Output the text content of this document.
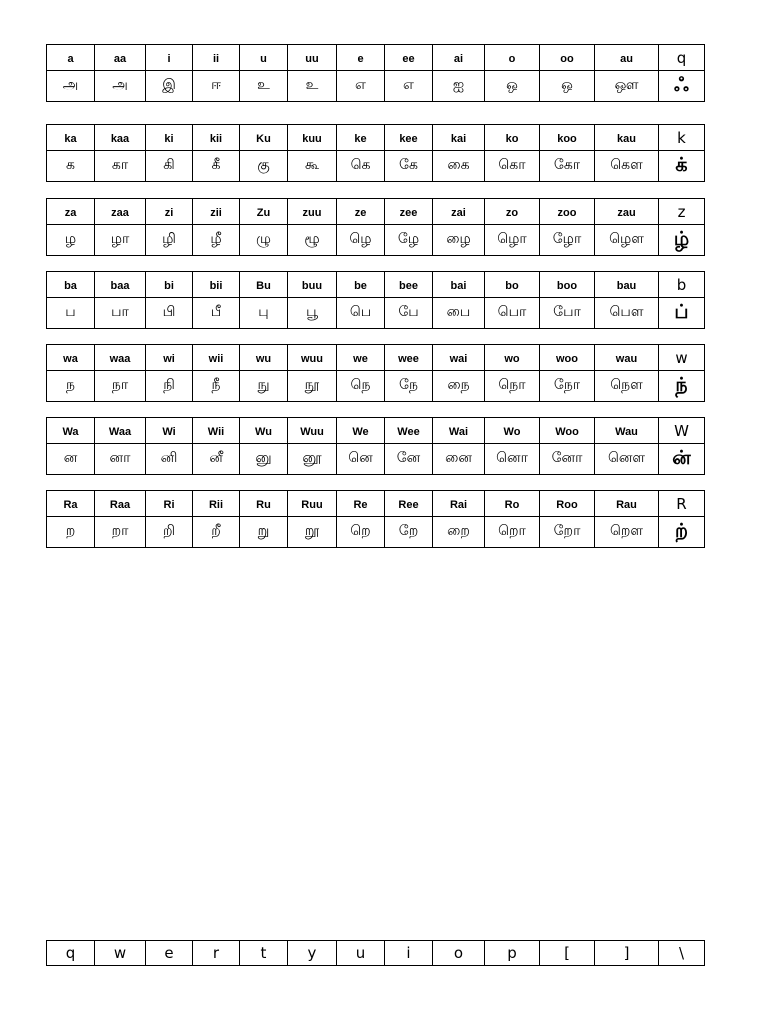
a	aa	i	ii	u	uu	e	ee	ai	o	oo	au	q
அ	அ	இ	ஈ	உ	உ	எ	எ	ஐ	ஒ	ஒ	ஔ	ஃ
ka	kaa	ki	kii	Ku	kuu	ke	kee	kai	ko	koo	kau	k
க	கா	கி	கீ	கு	கூ	கெ	கே	கை	கொ	கோ	கௌ	க்
za	zaa	zi	zii	Zu	zuu	ze	zee	zai	zo	zoo	zau	z
ழ	ழா	ழி	ழீ	ழு	ழூ	ழெ	ழே	ழை	ழொ	ழோ	ழௌ	ழ்
ba	baa	bi	bii	Bu	buu	be	bee	bai	bo	boo	bau	b
ப	பா	பி	பீ	பு	பூ	பெ	பே	பை	பொ	போ	பௌ	ப்
wa	waa	wi	wii	wu	wuu	we	wee	wai	wo	woo	wau	w
ந	நா	நி	நீ	நு	நூ	நெ	நே	நை	நொ	நோ	நௌ	ந்
Wa	Waa	Wi	Wii	Wu	Wuu	We	Wee	Wai	Wo	Woo	Wau	W
ன	னா	னி	னீ	னு	னூ	னெ	னே	னை	னொ	னோ	னௌ	ன்
Ra	Raa	Ri	Rii	Ru	Ruu	Re	Ree	Rai	Ro	Roo	Rau	R
ற	றா	றி	றீ	று	றூ	றெ	றே	றை	றொ	றோ	றௌ	ற்
q	w	e	r	t	y	u	i	o	p	[	]	\
